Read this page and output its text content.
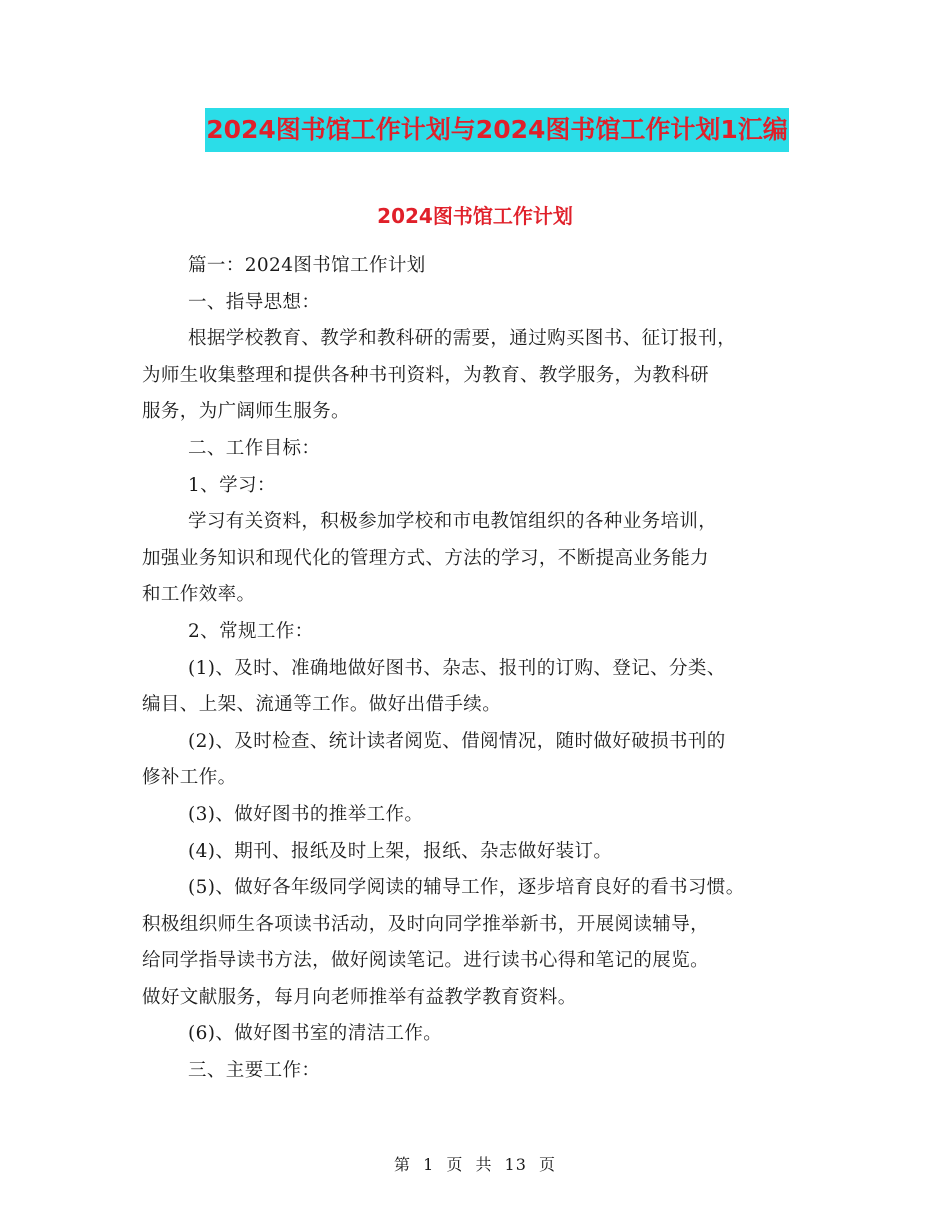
2024图书馆工作计划与2024图书馆工作计划1汇编
2024图书馆工作计划

篇一：2024图书馆工作计划

一、指导思想：

根据学校教育、教学和教科研的需要，通过购买图书、征订报刊，

为师生收集整理和提供各种书刊资料，为教育、教学服务，为教科研

服务，为广阔师生服务。

二、工作目标：

1、学习：

学习有关资料，积极参加学校和市电教馆组织的各种业务培训，

加强业务知识和现代化的管理方式、方法的学习，不断提高业务能力

和工作效率。

2、常规工作：

(1)、及时、准确地做好图书、杂志、报刊的订购、登记、分类、

编目、上架、流通等工作。做好出借手续。

(2)、及时检查、统计读者阅览、借阅情况，随时做好破损书刊的

修补工作。

(3)、做好图书的推举工作。

(4)、期刊、报纸及时上架，报纸、杂志做好装订。

(5)、做好各年级同学阅读的辅导工作，逐步培育良好的看书习惯。

积极组织师生各项读书活动，及时向同学推举新书，开展阅读辅导，

给同学指导读书方法，做好阅读笔记。进行读书心得和笔记的展览。

做好文献服务，每月向老师推举有益教学教育资料。

(6)、做好图书室的清洁工作。

三、主要工作：

第 1 页 共 13 页
